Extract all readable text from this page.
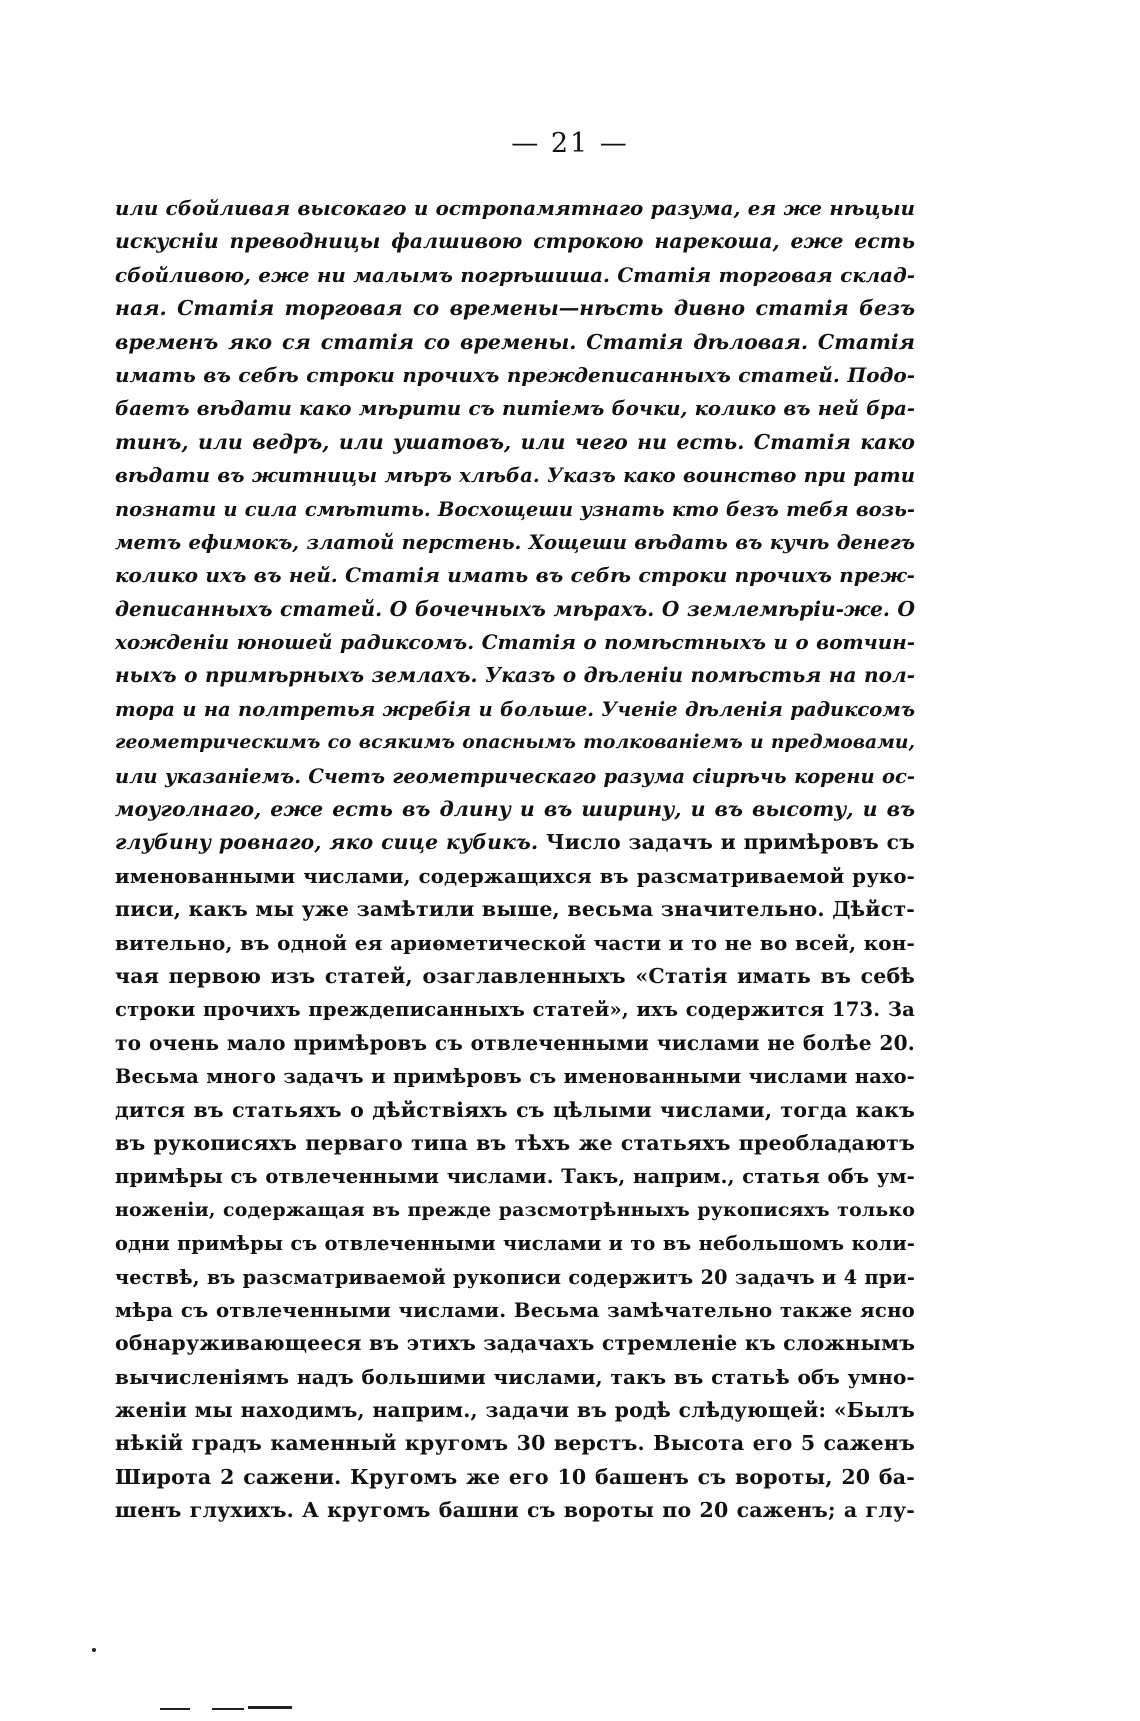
— 21 —
или сбойливая высокаго и остропамятнаго разума, ея же нѣцыи
искусніи преводницы фалшивою строкою нарекоша, еже есть
сбойливою, еже ни малымъ погрѣшиша. Статія торговая склад-
ная. Статія торговая со времены—нѣсть дивно статія безъ
временъ яко ся статія со времены. Статія дѣловая. Статія
имать въ себѣ строки прочихъ преждеписанныхъ статей. Подо-
баетъ вѣдати како мѣрити съ питіемъ бочки, колико въ ней бра-
тинъ, или ведръ, или ушатовъ, или чего ни есть. Статія како
вѣдати въ житницы мѣръ хлѣба. Указъ како воинство при рати
познати и сила смѣтить. Восхощеши узнать кто безъ тебя возь-
метъ ефимокъ, златой перстень. Хощеши вѣдать въ кучѣ денегъ
колико ихъ въ ней. Статія имать въ себѣ строки прочихъ преж-
деписанныхъ статей. О бочечныхъ мѣрахъ. О землемѣріи-же. О
хожденіи юношей радиксомъ. Статія о помѣстныхъ и о вотчин-
ныхъ о примѣрныхъ землахъ. Указъ о дѣленіи помѣстья на пол-
тора и на полтретья жребія и больше. Ученіе дѣленія радиксомъ
геометрическимъ со всякимъ опаснымъ толкованіемъ и предмовами,
или указаніемъ. Счетъ геометрическаго разума сіирѣчь корени ос-
моуголнаго, еже есть въ длину и въ ширину, и въ высоту, и въ
глубину ровнаго, яко сице кубикъ. Число задачъ и примѣровъ съ
именованными числами, содержащихся въ разсматриваемой руко-
писи, какъ мы уже замѣтили выше, весьма значительно. Дѣйст-
вительно, въ одной ея ариѳметической части и то не во всей, кон-
чая первою изъ статей, озаглавленныхъ «Статія имать въ себѣ
строки прочихъ преждеписанныхъ статей», ихъ содержится 173. За
то очень мало примѣровъ съ отвлеченными числами не болѣе 20.
Весьма много задачъ и примѣровъ съ именованными числами нахо-
дится въ статьяхъ о дѣйствіяхъ съ цѣлыми числами, тогда какъ
въ рукописяхъ перваго типа въ тѣхъ же статьяхъ преобладаютъ
примѣры съ отвлеченными числами. Такъ, наприм., статья объ ум-
ноженіи, содержащая въ прежде разсмотрѣнныхъ рукописяхъ только
одни примѣры съ отвлеченными числами и то въ небольшомъ коли-
чествѣ, въ разсматриваемой рукописи содержитъ 20 задачъ и 4 при-
мѣра съ отвлеченными числами. Весьма замѣчательно также ясно
обнаруживающееся въ этихъ задачахъ стремленіе къ сложнымъ
вычисленіямъ надъ большими числами, такъ въ статьѣ объ умно-
женіи мы находимъ, наприм., задачи въ родѣ слѣдующей: «Былъ
нѣкій градъ каменный кругомъ 30 верстъ. Высота его 5 саженъ
Широта 2 сажени. Кругомъ же его 10 башенъ съ вороты, 20 ба-
шенъ глухихъ. А кругомъ башни съ вороты по 20 саженъ; а глу-
